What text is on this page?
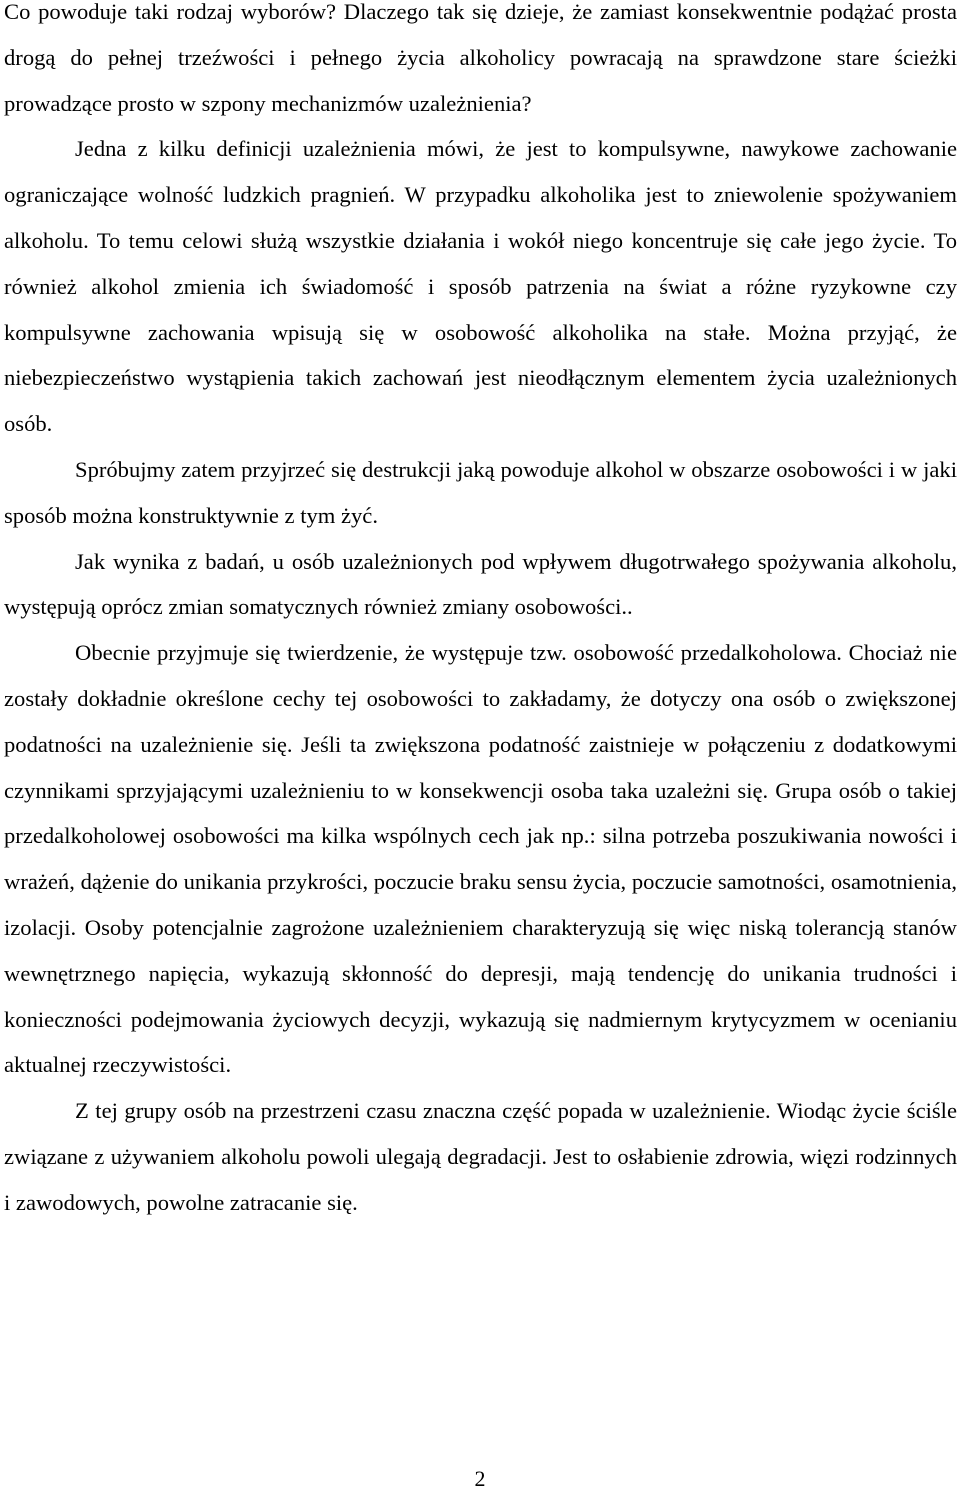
Co powoduje taki rodzaj wyborów? Dlaczego tak się dzieje, że zamiast konsekwentnie podążać prosta drogą do pełnej trzeźwości i pełnego życia alkoholicy powracają na sprawdzone stare ścieżki prowadzące prosto w szpony mechanizmów uzależnienia?

Jedna z kilku definicji uzależnienia mówi, że jest to kompulsywne, nawykowe zachowanie ograniczające wolność ludzkich pragnień. W przypadku alkoholika jest to zniewolenie spożywaniem alkoholu. To temu celowi służą wszystkie działania i wokół niego koncentruje się całe jego życie. To również alkohol zmienia ich świadomość i sposób patrzenia na świat a różne ryzykowne czy kompulsywne zachowania wpisują się w osobowość alkoholika na stałe. Można przyjąć, że niebezpieczeństwo wystąpienia takich zachowań jest nieodłącznym elementem życia uzależnionych osób.

Spróbujmy zatem przyjrzeć się destrukcji jaką powoduje alkohol w obszarze osobowości i w jaki sposób można konstruktywnie z tym żyć.

Jak wynika z badań, u osób uzależnionych pod wpływem długotrwałego spożywania alkoholu, występują oprócz zmian somatycznych również zmiany osobowości..

Obecnie przyjmuje się twierdzenie, że występuje tzw. osobowość przedalkoholowa. Chociaż nie zostały dokładnie określone cechy tej osobowości to zakładamy, że dotyczy ona osób o zwiększonej podatności na uzależnienie się. Jeśli ta zwiększona podatność zaistnieje w połączeniu z dodatkowymi czynnikami sprzyjającymi uzależnieniu to w konsekwencji osoba taka uzależni się. Grupa osób o takiej przedalkoholowej osobowości ma kilka wspólnych cech jak np.: silna potrzeba poszukiwania nowości i wrażeń, dążenie do unikania przykrości, poczucie braku sensu życia, poczucie samotności, osamotnienia, izolacji. Osoby potencjalnie zagrożone uzależnieniem charakteryzują się więc niską tolerancją stanów wewnętrznego napięcia, wykazują skłonność do depresji, mają tendencję do unikania trudności i konieczności podejmowania życiowych decyzji, wykazują się nadmiernym krytycyzmem w ocenianiu aktualnej rzeczywistości.

Z tej grupy osób na przestrzeni czasu znaczna część popada w uzależnienie. Wiodąc życie ściśle związane z używaniem alkoholu powoli ulegają degradacji. Jest to osłabienie zdrowia, więzi rodzinnych i zawodowych, powolne zatracanie się.

2
